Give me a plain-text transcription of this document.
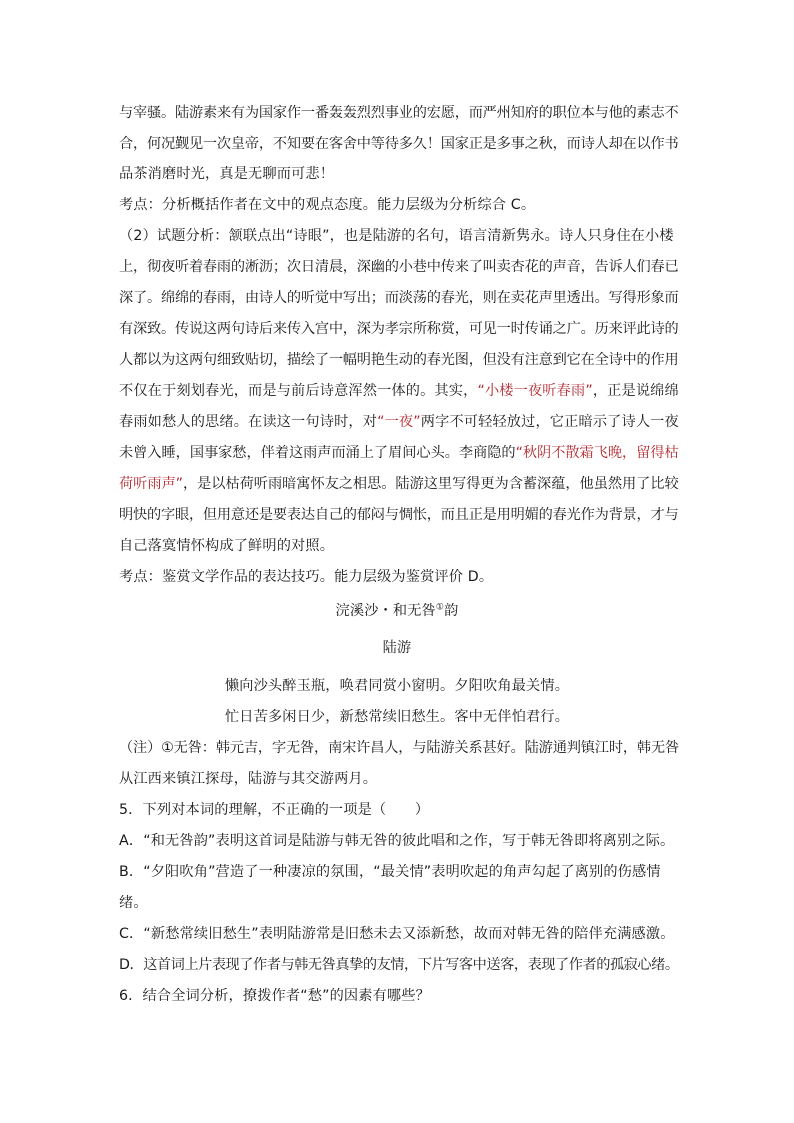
与宰骚。陆游素来有为国家作一番轰轰烈烈事业的宏愿，而严州知府的职位本与他的素志不
合，何况觐见一次皇帝，不知要在客舍中等待多久！国家正是多事之秋，而诗人却在以作书
品茶消磨时光，真是无聊而可悲！
考点：分析概括作者在文中的观点态度。能力层级为分析综合 C。
（2）试题分析：颔联点出“诗眼”，也是陆游的名句，语言清新隽永。诗人只身住在小楼
上，彻夜听着春雨的淅沥；次日清晨，深幽的小巷中传来了叫卖杏花的声音，告诉人们春已
深了。绵绵的春雨，由诗人的听觉中写出；而淡荡的春光，则在卖花声里透出。写得形象而
有深致。传说这两句诗后来传入宫中，深为孝宗所称赏，可见一时传诵之广。历来评此诗的
人都以为这两句细致贴切，描绘了一幅明艳生动的春光图，但没有注意到它在全诗中的作用
不仅在于刻划春光，而是与前后诗意浑然一体的。其实，“小楼一夜听春雨”，正是说绵绵
春雨如愁人的思绪。在读这一句诗时，对“一夜”两字不可轻轻放过，它正暗示了诗人一夜
未曾入睡，国事家愁，伴着这雨声而涌上了眉间心头。李商隐的“秋阴不散霜飞晚，留得枯
荷听雨声”，是以枯荷听雨暗寓怀友之相思。陆游这里写得更为含蓄深蕴，他虽然用了比较
明快的字眼，但用意还是要表达自己的郁闷与惆怅，而且正是用明媚的春光作为背景，才与
自己落寞情怀构成了鲜明的对照。
考点：鉴赏文学作品的表达技巧。能力层级为鉴赏评价 D。
浣溪沙・和无咎①韵
陆游
懒向沙头醉玉瓶，唤君同赏小窗明。夕阳吹角最关情。
忙日苦多闲日少，新愁常续旧愁生。客中无伴怕君行。
（注）①无咎：韩元吉，字无咎，南宋许昌人，与陆游关系甚好。陆游通判镇江时，韩无咎
从江西来镇江探母，陆游与其交游两月。
5．下列对本词的理解，不正确的一项是（　　）
A．“和无咎韵”表明这首词是陆游与韩无咎的彼此唱和之作，写于韩无咎即将离别之际。
B．“夕阳吹角”营造了一种凄凉的氛围，“最关情”表明吹起的角声勾起了离别的伤感情
绪。
C．“新愁常续旧愁生”表明陆游常是旧愁未去又添新愁，故而对韩无咎的陪伴充满感激。
D．这首词上片表现了作者与韩无咎真挚的友情，下片写客中送客，表现了作者的孤寂心绪。
6．结合全词分析，撩拨作者“愁”的因素有哪些？
